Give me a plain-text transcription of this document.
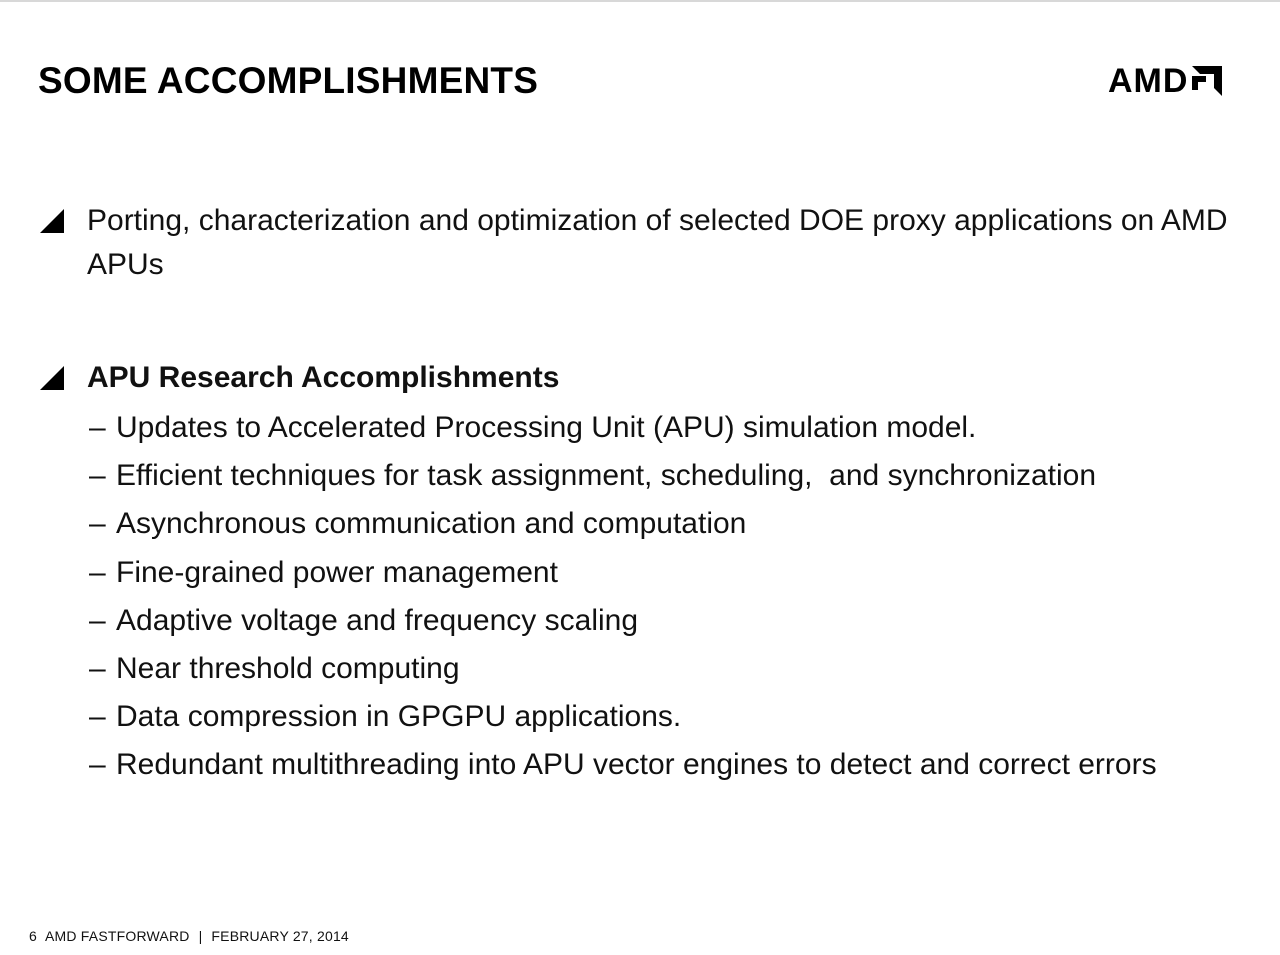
SOME ACCOMPLISHMENTS	AMD
Porting, characterization and optimization of selected DOE proxy applications on AMD APUs
APU Research Accomplishments
– Updates to Accelerated Processing Unit (APU) simulation model.
– Efficient techniques for task assignment, scheduling,  and synchronization
– Asynchronous communication and computation
– Fine-grained power management
– Adaptive voltage and frequency scaling
– Near threshold computing
– Data compression in GPGPU applications.
– Redundant multithreading into APU vector engines to detect and correct errors
6 AMD FASTFORWARD | FEBRUARY 27, 2014
